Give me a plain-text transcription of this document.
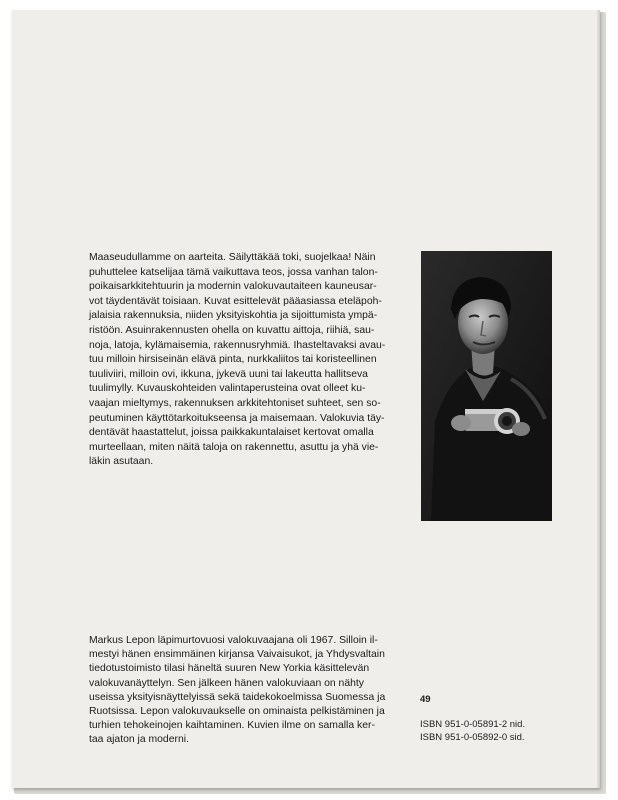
Maaseudullamme on aarteita. Säilyttäkää toki, suojelkaa! Näin
puhuttelee katselijaa tämä vaikuttava teos, jossa vanhan talon-
poikaisarkkitehtuurin ja modernin valokuvautaiteen kauneusar-
vot täydentävät toisiaan. Kuvat esittelevät pääasiassa eteläpoh-
jalaisia rakennuksia, niiden yksityiskohtia ja sijoittumista ympä-
ristöön. Asuinrakennusten ohella on kuvattu aittoja, riihiä, sau-
noja, latoja, kylämaisemia, rakennusryhmiä. Ihasteltavaksi avau-
tuu milloin hirsiseinän elävä pinta, nurkkaliitos tai koristeellinen
tuuliviiri, milloin ovi, ikkuna, jykevä uuni tai lakeutta hallitseva
tuulimylly. Kuvauskohteiden valintaperusteina ovat olleet ku-
vaajan mieltymys, rakennuksen arkkitehtoniset suhteet, sen so-
peutuminen käyttötarkoitukseensa ja maisemaan. Valokuvia täy-
dentävät haastattelut, joissa paikkakuntalaiset kertovat omalla
murteellaan, miten näitä taloja on rakennettu, asuttu ja yhä vie-
läkin asutaan.

Markus Lepon läpimurtovuosi valokuvaajana oli 1967. Silloin il-
mestyi hänen ensimmäinen kirjansa Vaivaisukot, ja Yhdysvaltain
tiedotustoimisto tilasi häneltä suuren New Yorkia käsittelevän
valokuvanäyttelyn. Sen jälkeen hänen valokuviaan on nähty
useissa yksityisnäyttelyissä sekä taidekokoelmissa Suomessa ja
Ruotsissa. Lepon valokuvaukselle on ominaista pelkistäminen ja
turhien tehokeinojen kaihtaminen. Kuvien ilme on samalla ker-
taa ajaton ja moderni.

49

ISBN 951-0-05891-2 nid.
ISBN 951-0-05892-0 sid.
